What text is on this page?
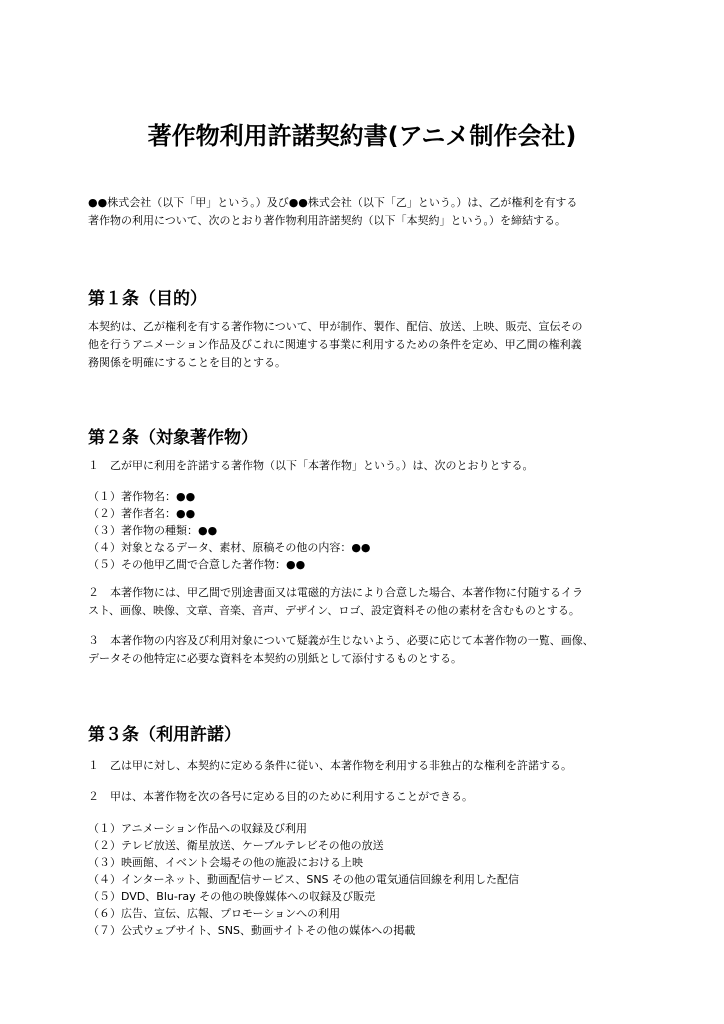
著作物利用許諾契約書(アニメ制作会社)
●●株式会社（以下「甲」という。）及び●●株式会社（以下「乙」という。）は、乙が権利を有する
著作物の利用について、次のとおり著作物利用許諾契約（以下「本契約」という。）を締結する。
第１条（目的）
本契約は、乙が権利を有する著作物について、甲が制作、製作、配信、放送、上映、販売、宣伝その
他を行うアニメーション作品及びこれに関連する事業に利用するための条件を定め、甲乙間の権利義
務関係を明確にすることを目的とする。
第２条（対象著作物）
１　乙が甲に利用を許諾する著作物（以下「本著作物」という。）は、次のとおりとする。
（１）著作物名：●●
（２）著作者名：●●
（３）著作物の種類：●●
（４）対象となるデータ、素材、原稿その他の内容：●●
（５）その他甲乙間で合意した著作物：●●
２　本著作物には、甲乙間で別途書面又は電磁的方法により合意した場合、本著作物に付随するイラ
スト、画像、映像、文章、音楽、音声、デザイン、ロゴ、設定資料その他の素材を含むものとする。
３　本著作物の内容及び利用対象について疑義が生じないよう、必要に応じて本著作物の一覧、画像、
データその他特定に必要な資料を本契約の別紙として添付するものとする。
第３条（利用許諾）
１　乙は甲に対し、本契約に定める条件に従い、本著作物を利用する非独占的な権利を許諾する。
２　甲は、本著作物を次の各号に定める目的のために利用することができる。
（１）アニメーション作品への収録及び利用
（２）テレビ放送、衛星放送、ケーブルテレビその他の放送
（３）映画館、イベント会場その他の施設における上映
（４）インターネット、動画配信サービス、SNS その他の電気通信回線を利用した配信
（５）DVD、Blu-ray その他の映像媒体への収録及び販売
（６）広告、宣伝、広報、プロモーションへの利用
（７）公式ウェブサイト、SNS、動画サイトその他の媒体への掲載
